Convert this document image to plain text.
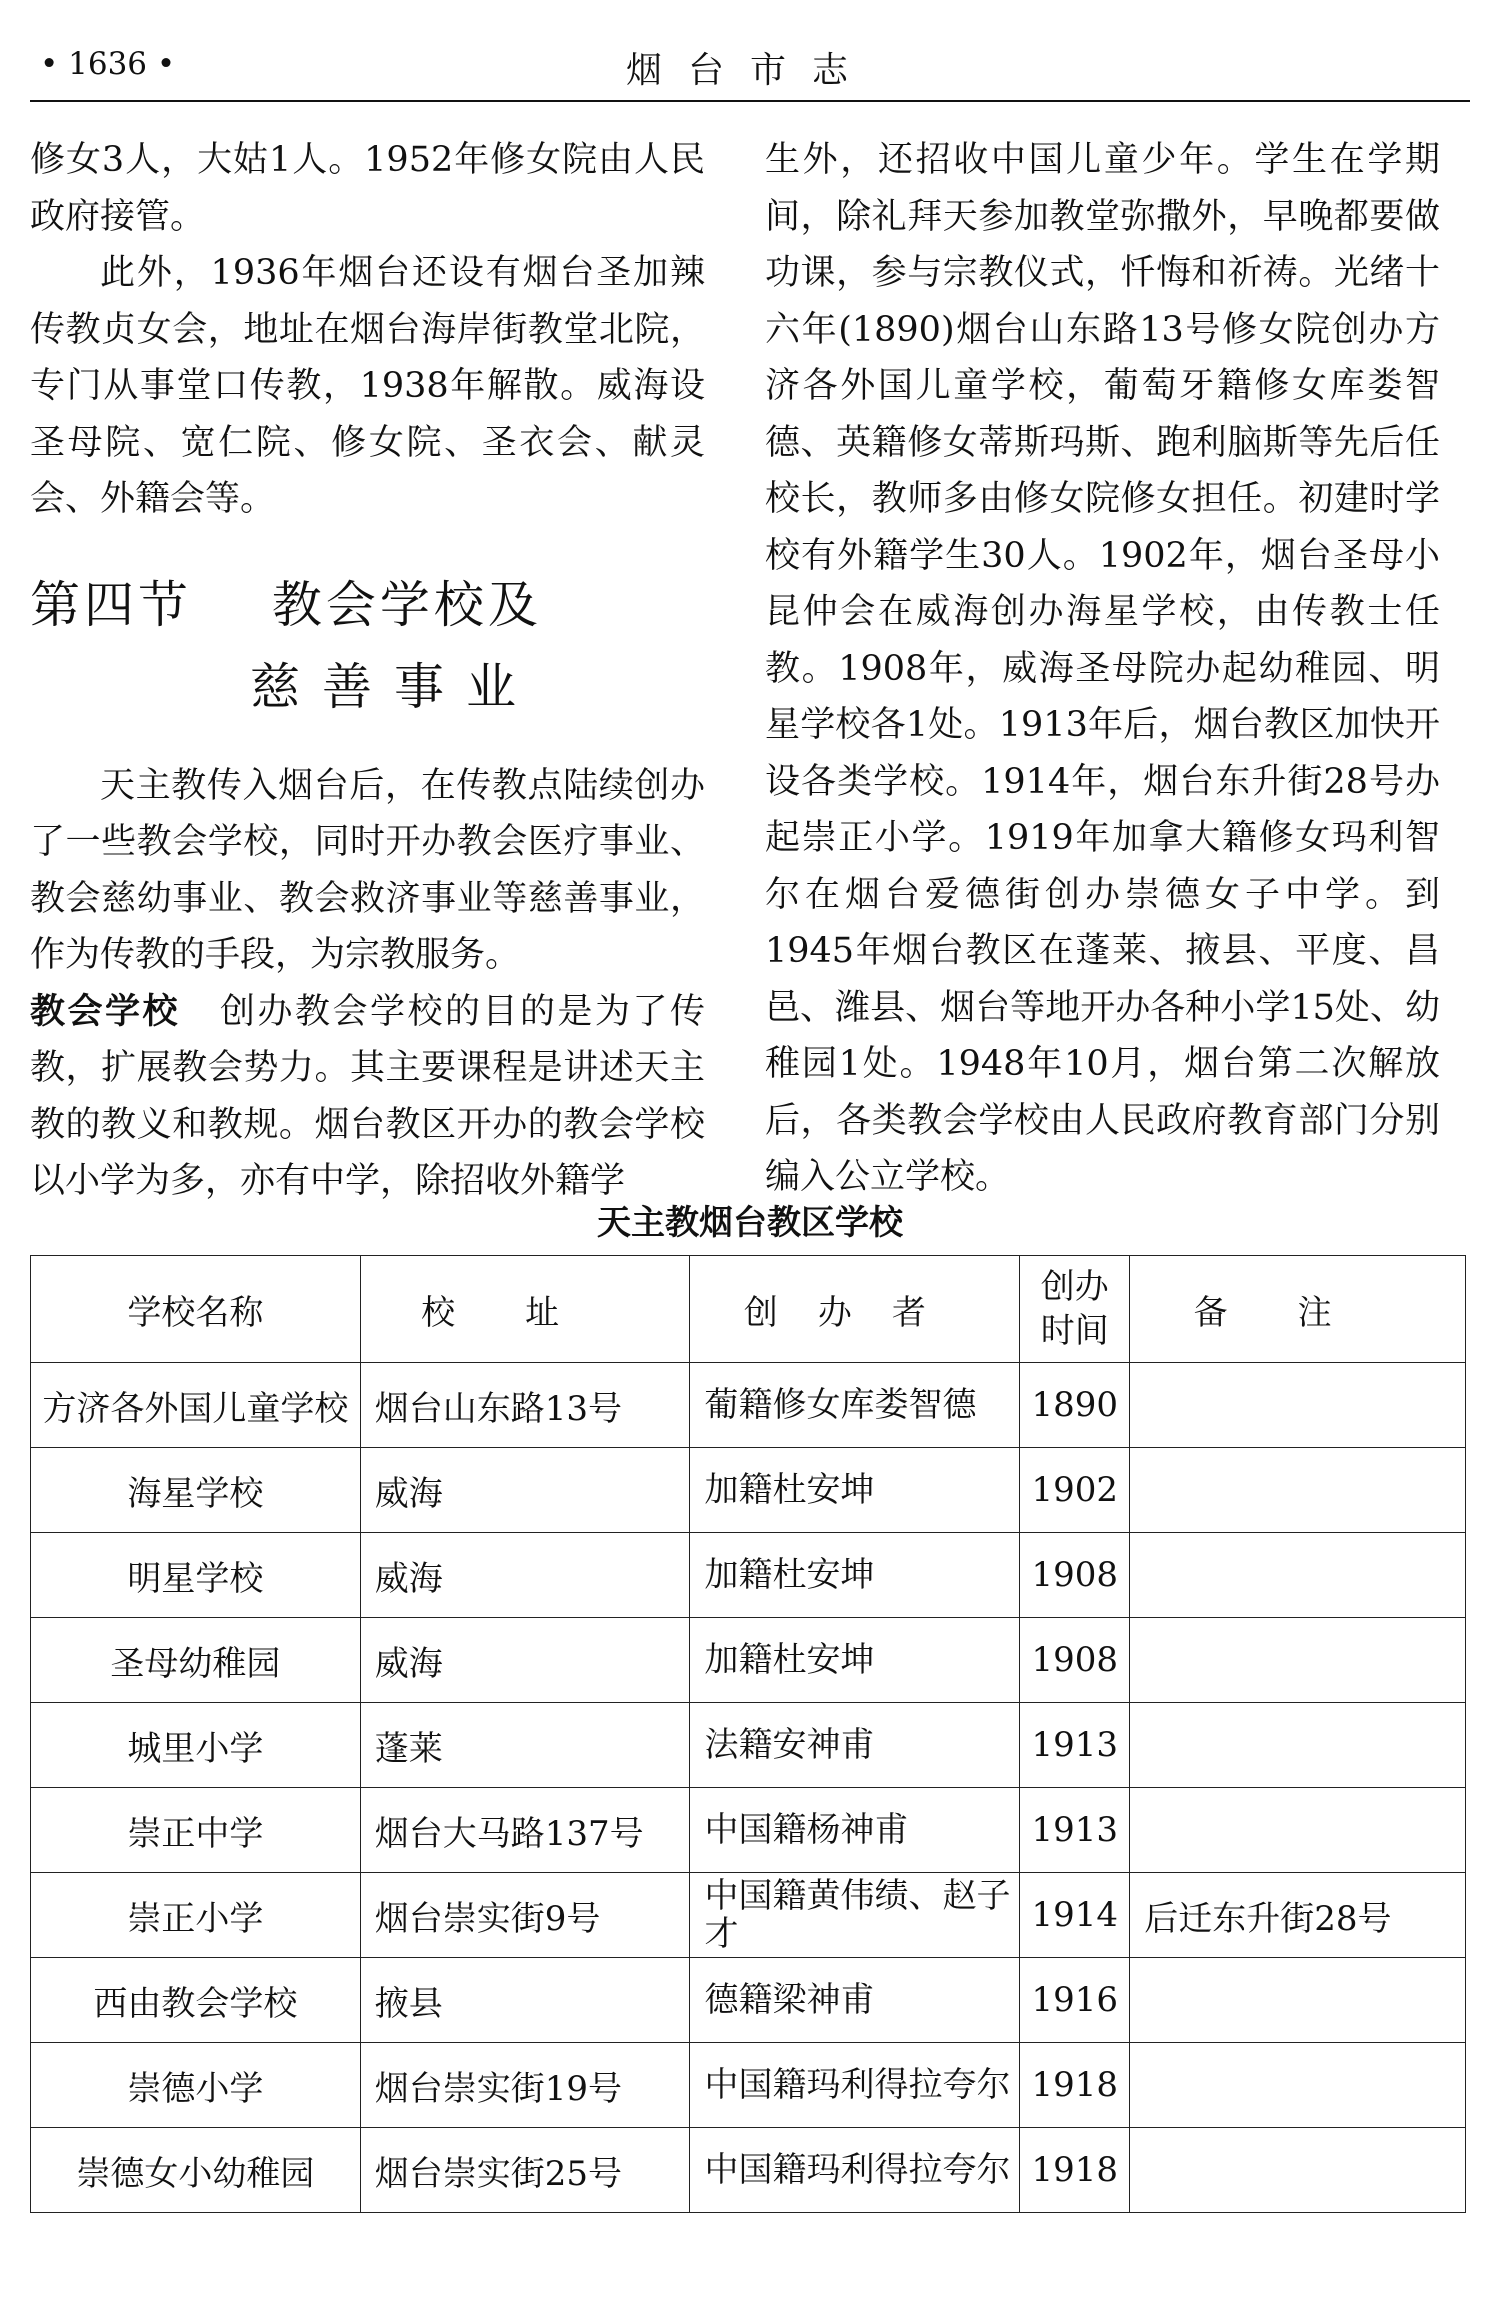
• 1636 •	烟台市志

修女3人，大姑1人。1952年修女院由人民政府接管。

此外，1936年烟台还设有烟台圣加辣传教贞女会，地址在烟台海岸街教堂北院，专门从事堂口传教，1938年解散。威海设圣母院、宽仁院、修女院、圣衣会、献灵会、外籍会等。

第四节 教会学校及
慈善事业

天主教传入烟台后，在传教点陆续创办了一些教会学校，同时开办教会医疗事业、教会慈幼事业、教会救济事业等慈善事业，作为传教的手段，为宗教服务。

教会学校 创办教会学校的目的是为了传教，扩展教会势力。其主要课程是讲述天主教的教义和教规。烟台教区开办的教会学校以小学为多，亦有中学，除招收外籍学

生外，还招收中国儿童少年。学生在学期间，除礼拜天参加教堂弥撒外，早晚都要做功课，参与宗教仪式，忏悔和祈祷。光绪十六年(1890)烟台山东路13号修女院创办方济各外国儿童学校，葡萄牙籍修女库娄智德、英籍修女蒂斯玛斯、跑利脑斯等先后任校长，教师多由修女院修女担任。初建时学校有外籍学生30人。1902年，烟台圣母小昆仲会在威海创办海星学校，由传教士任教。1908年，威海圣母院办起幼稚园、明星学校各1处。1913年后，烟台教区加快开设各类学校。1914年，烟台东升街28号办起崇正小学。1919年加拿大籍修女玛利智尔在烟台爱德街创办崇德女子中学。到1945年烟台教区在蓬莱、掖县、平度、昌邑、潍县、烟台等地开办各种小学15处、幼稚园1处。1948年10月，烟台第二次解放后，各类教会学校由人民政府教育部门分别编入公立学校。

天主教烟台教区学校
学校名称	校址	创办者	创办时间	备注
方济各外国儿童学校	烟台山东路13号	葡籍修女库娄智德	1890	
海星学校	威海	加籍杜安坤	1902	
明星学校	威海	加籍杜安坤	1908	
圣母幼稚园	威海	加籍杜安坤	1908	
城里小学	蓬莱	法籍安神甫	1913	
崇正中学	烟台大马路137号	中国籍杨神甫	1913	
崇正小学	烟台崇实街9号	中国籍黄伟绩、赵子才	1914	后迁东升街28号
西由教会学校	掖县	德籍梁神甫	1916	
崇德小学	烟台崇实街19号	中国籍玛利得拉夸尔	1918	
崇德女小幼稚园	烟台崇实街25号	中国籍玛利得拉夸尔	1918	
